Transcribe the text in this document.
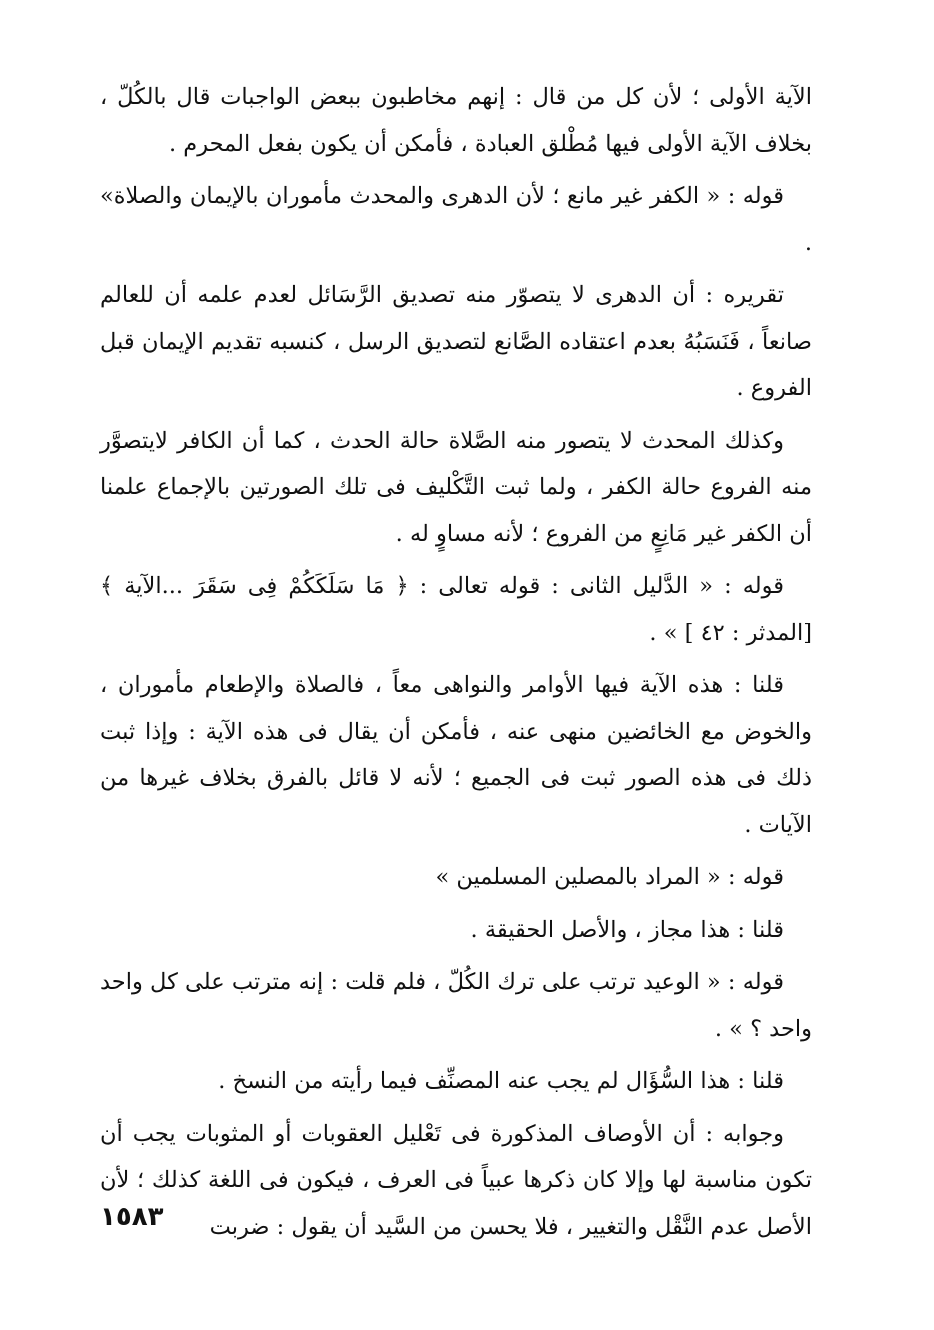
الآية الأولى ؛ لأن كل من قال : إنهم مخاطبون ببعض الواجبات قال بالكُلّ ، بخلاف الآية الأولى فيها مُطْلق العبادة ، فأمكن أن يكون بفعل المحرم .

قوله : « الكفر غير مانع ؛ لأن الدهرى والمحدث مأموران بالإيمان والصلاة» .

تقريره : أن الدهرى لا يتصوّر منه تصديق الرَّسَائل لعدم علمه أن للعالم صانعاً ، فَنَسَبُهُ بعدم اعتقاده الصَّانع لتصديق الرسل ، كنسبه تقديم الإيمان قبل الفروع .

وكذلك المحدث لا يتصور منه الصَّلاة حالة الحدث ، كما أن الكافر لايتصوَّر منه الفروع حالة الكفر ، ولما ثبت التَّكْليف فى تلك الصورتين بالإجماع علمنا أن الكفر غير مَانِعٍ من الفروع ؛ لأنه مساوٍ له .

قوله : « الدَّليل الثانى : قوله تعالى : ﴿ مَا سَلَكَكُمْ فِى سَقَرَ ...الآية ﴾ [المدثر : ٤٢ ] » .

قلنا : هذه الآية فيها الأوامر والنواهى معاً ، فالصلاة والإطعام مأموران ، والخوض مع الخائضين منهى عنه ، فأمكن أن يقال فى هذه الآية : وإذا ثبت ذلك فى هذه الصور ثبت فى الجميع ؛ لأنه لا قائل بالفرق بخلاف غيرها من الآيات .

قوله : « المراد بالمصلين المسلمين »

قلنا : هذا مجاز ، والأصل الحقيقة .

قوله : « الوعيد ترتب على ترك الكُلّ ، فلم قلت : إنه مترتب على كل واحد واحد ؟ » .

قلنا : هذا السُّؤَال لم يجب عنه المصنِّف فيما رأيته من النسخ .

وجوابه : أن الأوصاف المذكورة فى تَعْليل العقوبات أو المثوبات يجب أن تكون مناسبة لها وإلا كان ذكرها عبياً فى العرف ، فيكون فى اللغة كذلك ؛ لأن الأصل عدم النَّقْل والتغيير ، فلا يحسن من السَّيد أن يقول : ضربت

١٥٨٣
